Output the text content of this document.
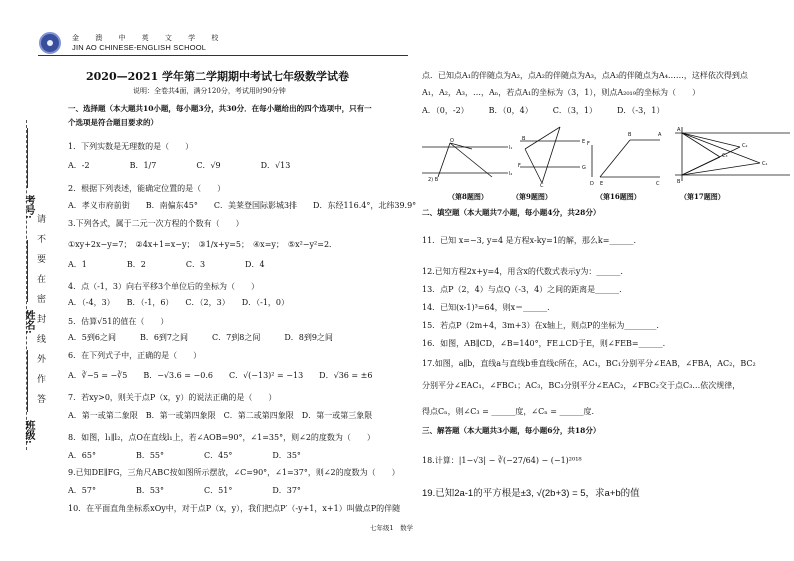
金 澳 中 英 文 学 校
JIN AO CHINESE-ENGLISH SCHOOL
2020—2021 学年第二学期期中考试七年级数学试卷
说明：全卷共4面，满分120分，考试用时90分钟
考号:
姓名:
班级:
请
不
要
在
密
封
线
外
作
答
一、选择题（本大题共10小题，每小题3分，共30分．在每小题给出的四个选项中，只有一
个选项是符合题目要求的）
1．下列实数是无理数的是（　　）
A．-2　　　　　B．1/7　　　　　C．√9　　　　　D．√13
2．根据下列表述，能确定位置的是（　　）
A．孝义市府前街　　B．南偏东45°　　C．美莱登国际影城3排　　D．东经116.4°，北纬39.9°
3.下列各式，属于二元一次方程的个数有（　　）
①xy+2x−y=7；　②4x+1=x−y；　③1/x+y=5；　④x=y；　⑤x²−y²=2．
A．1　　　　　B．2　　　　　C．3　　　　　D．4
4．点（-1，3）向右平移3个单位后的坐标为（　　）
A．（-4，3）　　B．（-1，6）　　C．（2，3）　　D．（-1，0）
5．估算√51的值在（　　）
A．5到6之间　　　B．6到7之间　　　C．7到8之间　　　D．8到9之间
6．在下列式子中，正确的是（　　）
A．∛−5 = −∛5　　B．−√3.6 = −0.6　　C．√(−13)² = −13　　D．√36 = ±6
7．若xy>0，则关于点P（x，y）的说法正确的是（　　）
A．第一或第二象限　B．第一或第四象限　C．第二或第四象限　D．第一或第三象限
8．如图，l₁∥l₂，点O在直线l₁上，若∠AOB=90°，∠1=35°，则∠2的度数为（　　）
A．65°　　　　　B．55°　　　　　C．45°　　　　　D．35°
9.已知DE∥FG，三角尺ABC按如图所示摆放，∠C=90°，∠1=37°，则∠2的度数为（　　）
A．57°　　　　　B．53°　　　　　C．51°　　　　　D．37°
10．在平面直角坐标系xOy中，对于点P（x，y），我们把点P′（-y+1，x+1）叫做点P的伴随
点．已知点A₁的伴随点为A₂，点A₂的伴随点为A₃，点A₃的伴随点为A₄……，这样依次得到点
A₁，A₂，A₃，…，Aₙ，若点A₁的坐标为（3，1），则点A₂₀₁₉的坐标为（　　）
A．（0，-2）　　　B．（0，4）　　　C．（3，1）　　　D．（-3，1）
二、填空题（本大题共7小题，每小题4分，共28分）
11．已知 x=−3, y=4 是方程x-ky=1的解，那么k=______.
12.已知方程2x+y=4，用含x的代数式表示y为：______.
13．点P（2，4）与点Q（-3，4）之间的距离是______.
14．已知(x-1)³=64，则x＝______.
15．若点P（2m+4，3m+3）在x轴上，则点P的坐标为________.
16．如图，AB∥CD，∠B=140°，FE⊥CD于E，则∠FEB=______.
17.如图，a∥b，直线a与直线b垂直线c所在，AC₁，BC₁分别平分∠EAB，∠FBA，AC₂，BC₂
分别平分∠EAC₁，∠FBC₁；AC₃，BC₃分别平分∠EAC₂，∠FBC₂交于点C₃…依次规律，
得点Cₙ，则∠C₃ = ______度，∠Cₙ = ______度.
三、解答题（本大题共3小题，每小题6分，共18分）
18.计算：|1−√3| − ∛(−27/64) − (−1)²⁰¹⁸
19.已知2a-1的平方根是±3, √(2b+3) = 5，求a+b的值
O
l₁
l₂
2) B
B
F
C
E
G
B	A
F
D E	C
A
B
C₁
C₂
C₃
（第8题图）	（第9题图）	（第16题图）	（第17题图）
七年级1　数学
